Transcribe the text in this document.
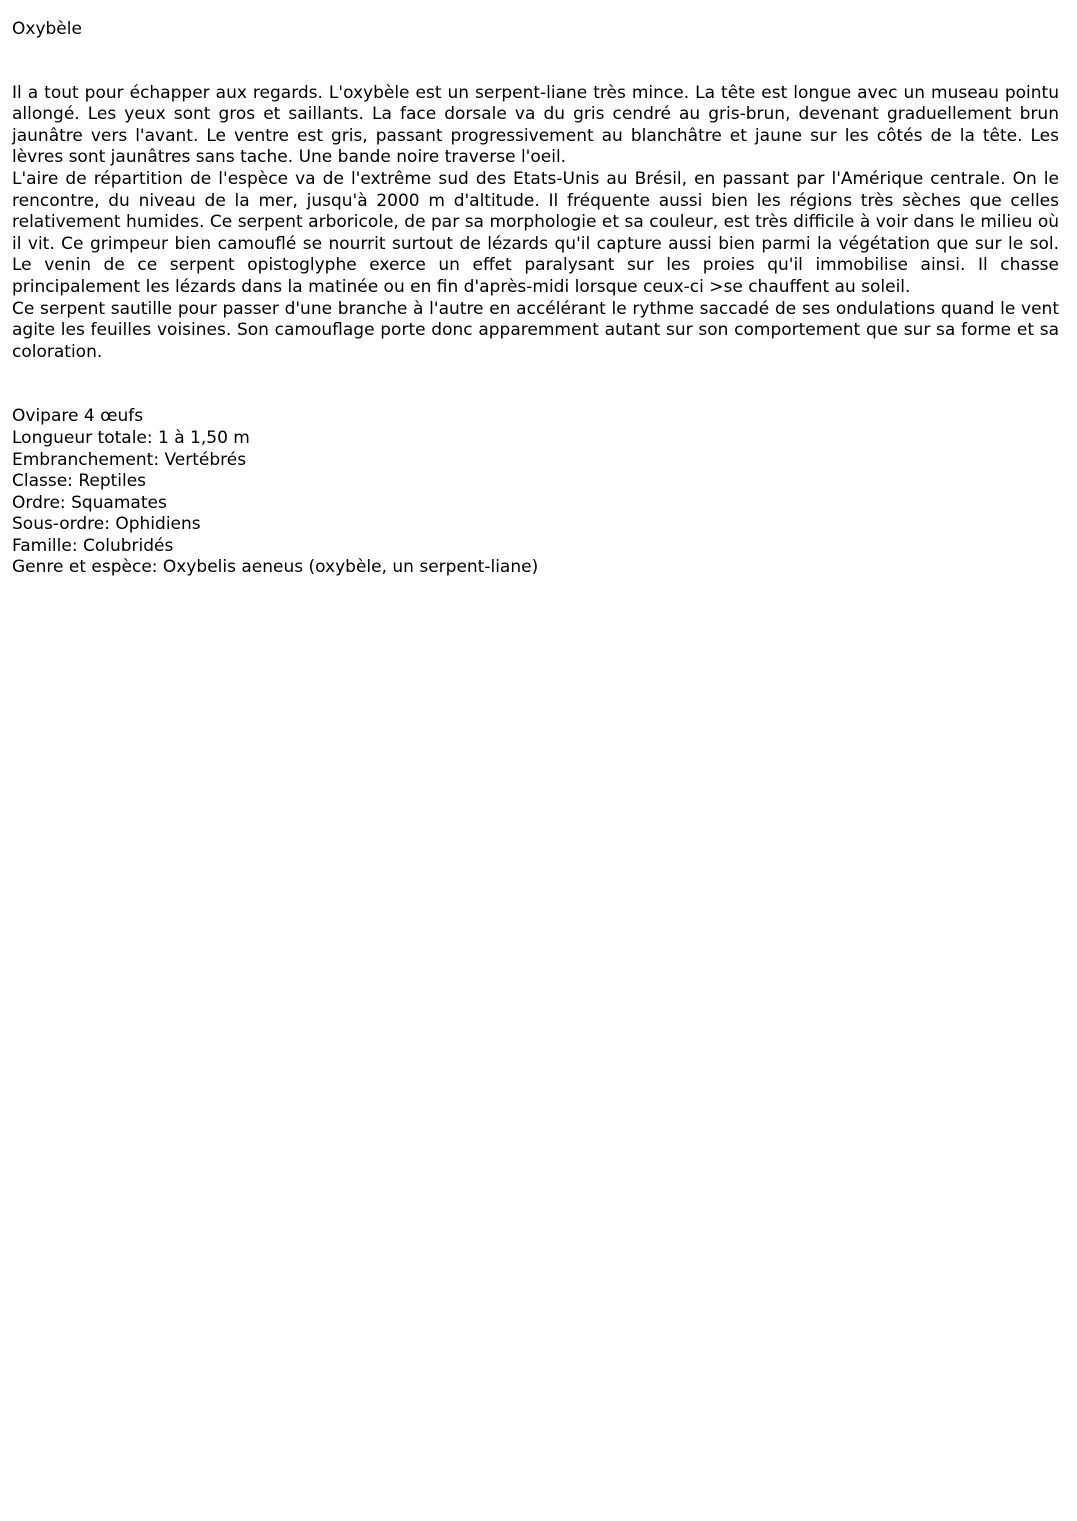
Oxybèle

Il a tout pour échapper aux regards. L'oxybèle est un serpent-liane très mince. La tête est longue avec un museau pointu allongé. Les yeux sont gros et saillants. La face dorsale va du gris cendré au gris-brun, devenant graduellement brun jaunâtre vers l'avant. Le ventre est gris, passant progressivement au blanchâtre et jaune sur les côtés de la tête. Les lèvres sont jaunâtres sans tache. Une bande noire traverse l'oeil.

L'aire de répartition de l'espèce va de l'extrême sud des Etats-Unis au Brésil, en passant par l'Amérique centrale. On le rencontre, du niveau de la mer, jusqu'à 2000 m d'altitude. Il fréquente aussi bien les régions très sèches que celles relativement humides. Ce serpent arboricole, de par sa morphologie et sa couleur, est très difficile à voir dans le milieu où il vit. Ce grimpeur bien camouflé se nourrit surtout de lézards qu'il capture aussi bien parmi la végétation que sur le sol. Le venin de ce serpent opistoglyphe exerce un effet paralysant sur les proies qu'il immobilise ainsi. Il chasse principalement les lézards dans la matinée ou en fin d'après-midi lorsque ceux-ci >se chauffent au soleil.

Ce serpent sautille pour passer d'une branche à l'autre en accélérant le rythme saccadé de ses ondulations quand le vent agite les feuilles voisines. Son camouflage porte donc apparemment autant sur son comportement que sur sa forme et sa coloration.

Ovipare 4 œufs
Longueur totale: 1 à 1,50 m
Embranchement: Vertébrés
Classe: Reptiles
Ordre: Squamates
Sous-ordre: Ophidiens
Famille: Colubridés
Genre et espèce: Oxybelis aeneus (oxybèle, un serpent-liane)
